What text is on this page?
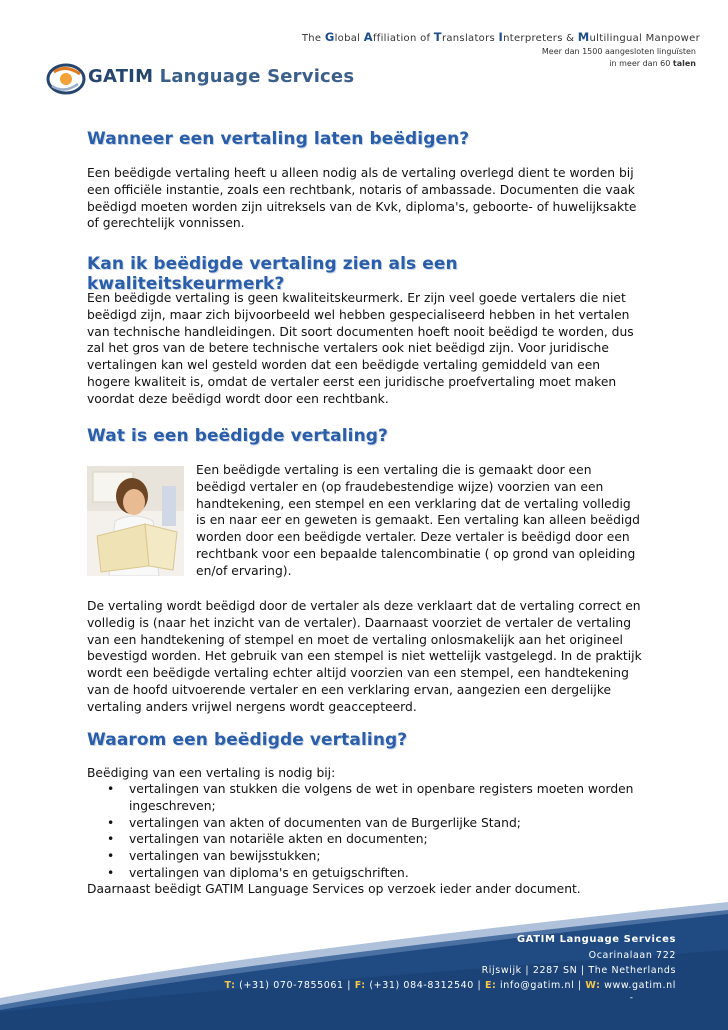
The Global Affiliation of Translators Interpreters & Multilingual Manpower
Meer dan 1500 aangesloten linguïsten
in meer dan 60 talen
GATIM Language Services
Wanneer een vertaling laten beëdigen?

Een beëdigde vertaling heeft u alleen nodig als de vertaling overlegd dient te worden bij een officiële instantie, zoals een rechtbank, notaris of ambassade. Documenten die vaak beëdigd moeten worden zijn uitreksels van de Kvk, diploma's, geboorte- of huwelijksakte of gerechtelijk vonnissen.

Kan ik beëdigde vertaling zien als een kwaliteitskeurmerk?

Een beëdigde vertaling is geen kwaliteitskeurmerk. Er zijn veel goede vertalers die niet beëdigd zijn, maar zich bijvoorbeeld wel hebben gespecialiseerd hebben in het vertalen van technische handleidingen. Dit soort documenten hoeft nooit beëdigd te worden, dus zal het gros van de betere technische vertalers ook niet beëdigd zijn. Voor juridische vertalingen kan wel gesteld worden dat een beëdigde vertaling gemiddeld van een hogere kwaliteit is, omdat de vertaler eerst een juridische proefvertaling moet maken voordat deze beëdigd wordt door een rechtbank.

Wat is een beëdigde vertaling?

Een beëdigde vertaling is een vertaling die is gemaakt door een beëdigd vertaler en (op fraudebestendige wijze) voorzien van een handtekening, een stempel en een verklaring dat de vertaling volledig is en naar eer en geweten is gemaakt. Een vertaling kan alleen beëdigd worden door een beëdigde vertaler. Deze vertaler is beëdigd door een rechtbank voor een bepaalde talencombinatie ( op grond van opleiding en/of ervaring).

De vertaling wordt beëdigd door de vertaler als deze verklaart dat de vertaling correct en volledig is (naar het inzicht van de vertaler). Daarnaast voorziet de vertaler de vertaling van een handtekening of stempel en moet de vertaling onlosmakelijk aan het origineel bevestigd worden. Het gebruik van een stempel is niet wettelijk vastgelegd. In de praktijk wordt een beëdigde vertaling echter altijd voorzien van een stempel, een handtekening van de hoofd uitvoerende vertaler en een verklaring ervan, aangezien een dergelijke vertaling anders vrijwel nergens wordt geaccepteerd.

Waarom een beëdigde vertaling?

Beëdiging van een vertaling is nodig bij:

• vertalingen van stukken die volgens de wet in openbare registers moeten worden ingeschreven;
• vertalingen van akten of documenten van de Burgerlijke Stand;
• vertalingen van notariële akten en documenten;
• vertalingen van bewijsstukken;
• vertalingen van diploma's en getuigschriften.

Daarnaast beëdigt GATIM Language Services op verzoek ieder ander document.

GATIM Language Services
Ocarinalaan 722
Rijswijk | 2287 SN | The Netherlands
T: (+31) 070-7855061 | F: (+31) 084-8312540 | E: info@gatim.nl | W: www.gatim.nl
-
